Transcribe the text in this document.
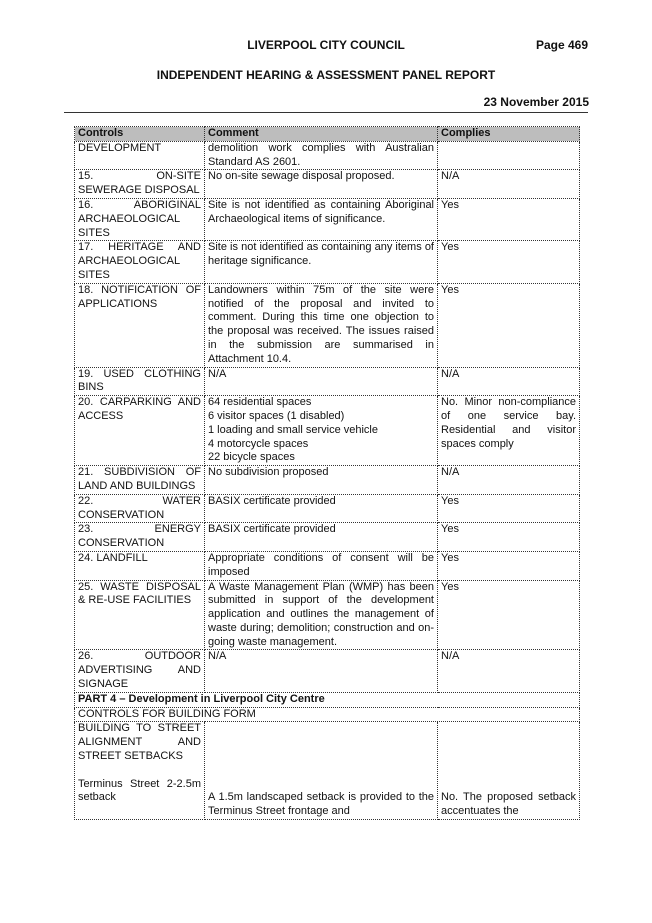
LIVERPOOL CITY COUNCIL	Page 469
INDEPENDENT HEARING & ASSESSMENT PANEL REPORT
23 November 2015
Controls	Comment	Complies
DEVELOPMENT	demolition work complies with Australian Standard AS 2601.	
15. ON-SITE SEWERAGE DISPOSAL	No on-site sewage disposal proposed.	N/A
16. ABORIGINAL ARCHAEOLOGICAL SITES	Site is not identified as containing Aboriginal Archaeological items of significance.	Yes
17. HERITAGE AND ARCHAEOLOGICAL SITES	Site is not identified as containing any items of heritage significance.	Yes
18. NOTIFICATION OF APPLICATIONS	Landowners within 75m of the site were notified of the proposal and invited to comment. During this time one objection to the proposal was received. The issues raised in the submission are summarised in Attachment 10.4.	Yes
19. USED CLOTHING BINS	N/A	N/A
20. CARPARKING AND ACCESS	64 residential spaces
6 visitor spaces (1 disabled)
1 loading and small service vehicle
4 motorcycle spaces
22 bicycle spaces	No. Minor non-compliance of one service bay. Residential and visitor spaces comply
21. SUBDIVISION OF LAND AND BUILDINGS	No subdivision proposed	N/A
22. WATER CONSERVATION	BASIX certificate provided	Yes
23. ENERGY CONSERVATION	BASIX certificate provided	Yes
24. LANDFILL	Appropriate conditions of consent will be imposed	Yes
25. WASTE DISPOSAL & RE-USE FACILITIES	A Waste Management Plan (WMP) has been submitted in support of the development application and outlines the management of waste during; demolition; construction and on-going waste management.	Yes
26. OUTDOOR ADVERTISING AND SIGNAGE	N/A	N/A
PART 4 – Development in Liverpool City Centre		
CONTROLS FOR BUILDING FORM		

BUILDING TO STREET ALIGNMENT AND STREET SETBACKS
Terminus Street 2-2.5m setback	A 1.5m landscaped setback is provided to the Terminus Street frontage and	No. The proposed setback accentuates the
